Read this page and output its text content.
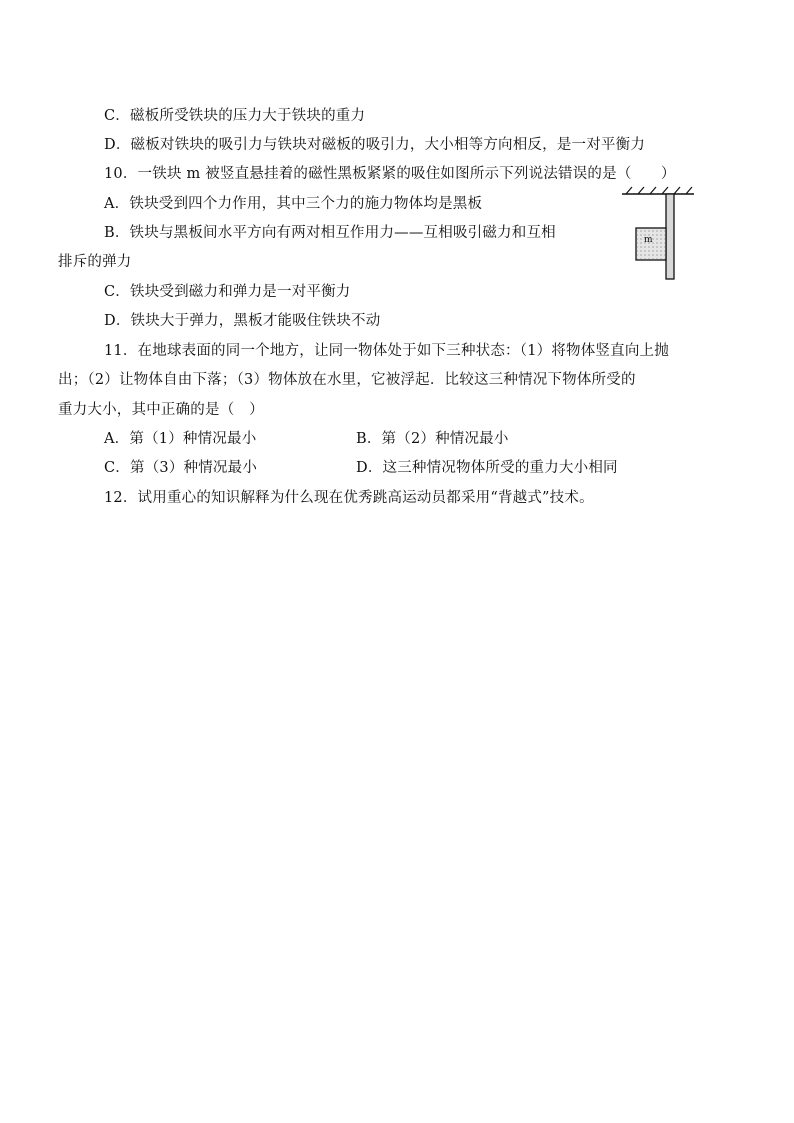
C．磁板所受铁块的压力大于铁块的重力
D．磁板对铁块的吸引力与铁块对磁板的吸引力，大小相等方向相反，是一对平衡力
10．一铁块 m 被竖直悬挂着的磁性黑板紧紧的吸住如图所示下列说法错误的是（　　）
A．铁块受到四个力作用，其中三个力的施力物体均是黑板
B．铁块与黑板间水平方向有两对相互作用力——互相吸引磁力和互相
排斥的弹力
C．铁块受到磁力和弹力是一对平衡力
D．铁块大于弹力，黑板才能吸住铁块不动
m
11．在地球表面的同一个地方，让同一物体处于如下三种状态：（1）将物体竖直向上抛
出；（2）让物体自由下落；（3）物体放在水里，它被浮起．比较这三种情况下物体所受的
重力大小，其中正确的是（　）
A．第（1）种情况最小	B．第（2）种情况最小
C．第（3）种情况最小	D．这三种情况物体所受的重力大小相同
12．试用重心的知识解释为什么现在优秀跳高运动员都采用“背越式”技术。
